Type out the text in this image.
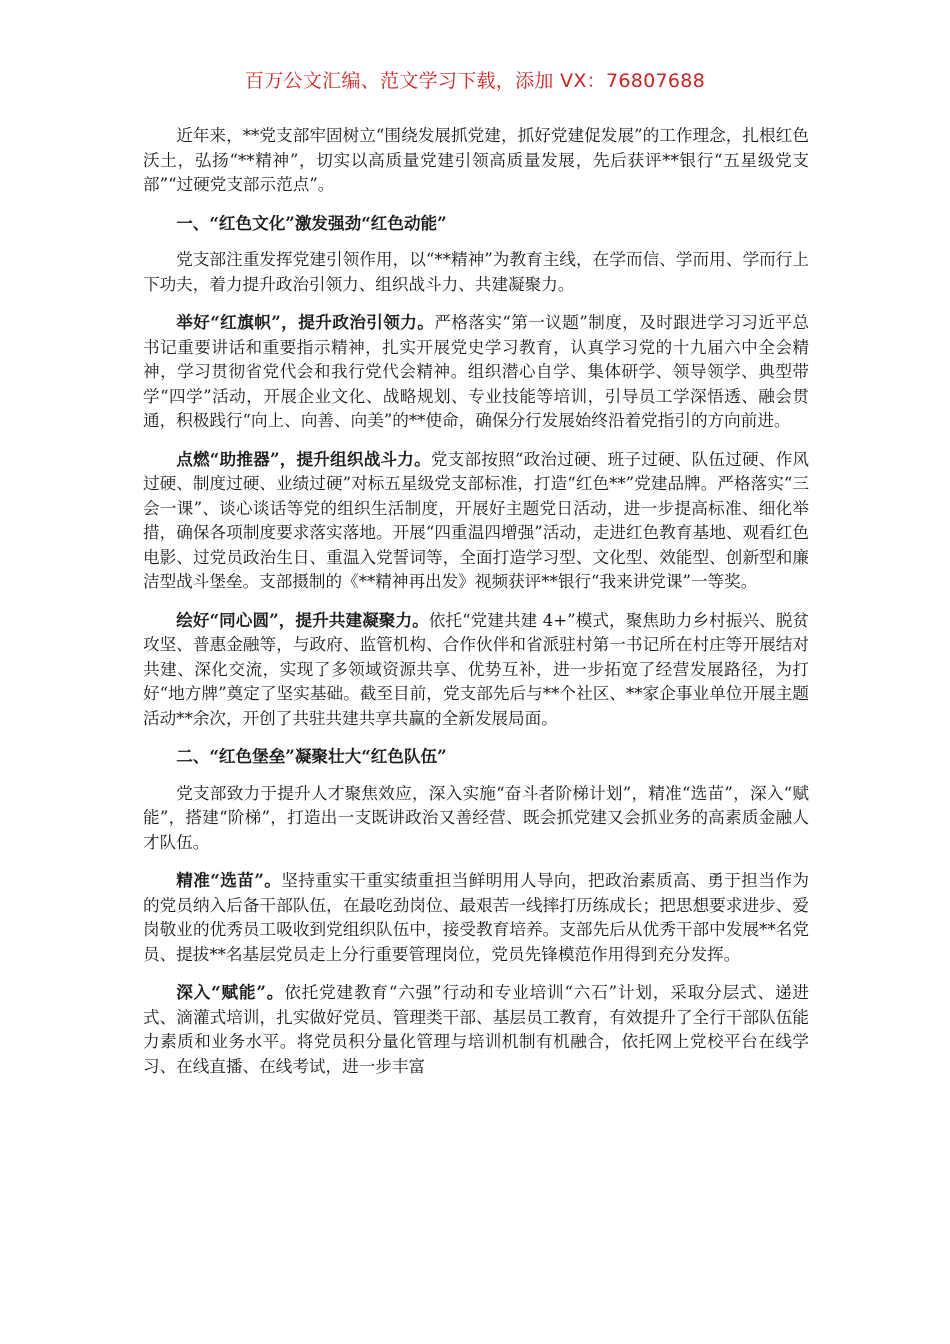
百万公文汇编、范文学习下载，添加 VX：76807688

近年来，**党支部牢固树立“围绕发展抓党建，抓好党建促发展”的工作理念，扎根红色沃土，弘扬“**精神”，切实以高质量党建引领高质量发展，先后获评**银行“五星级党支部”“过硬党支部示范点”。

一、“红色文化”激发强劲“红色动能”

党支部注重发挥党建引领作用，以“**精神”为教育主线，在学而信、学而用、学而行上下功夫，着力提升政治引领力、组织战斗力、共建凝聚力。

举好“红旗帜”，提升政治引领力。严格落实“第一议题”制度，及时跟进学习习近平总书记重要讲话和重要指示精神，扎实开展党史学习教育，认真学习党的十九届六中全会精神，学习贯彻省党代会和我行党代会精神。组织潜心自学、集体研学、领导领学、典型带学“四学”活动，开展企业文化、战略规划、专业技能等培训，引导员工学深悟透、融会贯通，积极践行“向上、向善、向美”的**使命，确保分行发展始终沿着党指引的方向前进。

点燃“助推器”，提升组织战斗力。党支部按照“政治过硬、班子过硬、队伍过硬、作风过硬、制度过硬、业绩过硬”对标五星级党支部标准，打造“红色**”党建品牌。严格落实“三会一课”、谈心谈话等党的组织生活制度，开展好主题党日活动，进一步提高标准、细化举措，确保各项制度要求落实落地。开展“四重温四增强”活动，走进红色教育基地、观看红色电影、过党员政治生日、重温入党誓词等，全面打造学习型、文化型、效能型、创新型和廉洁型战斗堡垒。支部摄制的《**精神再出发》视频获评**银行“我来讲党课”一等奖。

绘好“同心圆”，提升共建凝聚力。依托“党建共建 4+”模式，聚焦助力乡村振兴、脱贫攻坚、普惠金融等，与政府、监管机构、合作伙伴和省派驻村第一书记所在村庄等开展结对共建、深化交流，实现了多领域资源共享、优势互补，进一步拓宽了经营发展路径，为打好“地方牌”奠定了坚实基础。截至目前，党支部先后与**个社区、**家企事业单位开展主题活动**余次，开创了共驻共建共享共赢的全新发展局面。

二、“红色堡垒”凝聚壮大“红色队伍”

党支部致力于提升人才聚焦效应，深入实施“奋斗者阶梯计划”，精准“选苗”，深入“赋能”，搭建“阶梯”，打造出一支既讲政治又善经营、既会抓党建又会抓业务的高素质金融人才队伍。

精准“选苗”。坚持重实干重实绩重担当鲜明用人导向，把政治素质高、勇于担当作为的党员纳入后备干部队伍，在最吃劲岗位、最艰苦一线摔打历练成长；把思想要求进步、爱岗敬业的优秀员工吸收到党组织队伍中，接受教育培养。支部先后从优秀干部中发展**名党员、提拔**名基层党员走上分行重要管理岗位，党员先锋模范作用得到充分发挥。

深入“赋能”。依托党建教育“六强”行动和专业培训“六石”计划，采取分层式、递进式、滴灌式培训，扎实做好党员、管理类干部、基层员工教育，有效提升了全行干部队伍能力素质和业务水平。将党员积分量化管理与培训机制有机融合，依托网上党校平台在线学习、在线直播、在线考试，进一步丰富
